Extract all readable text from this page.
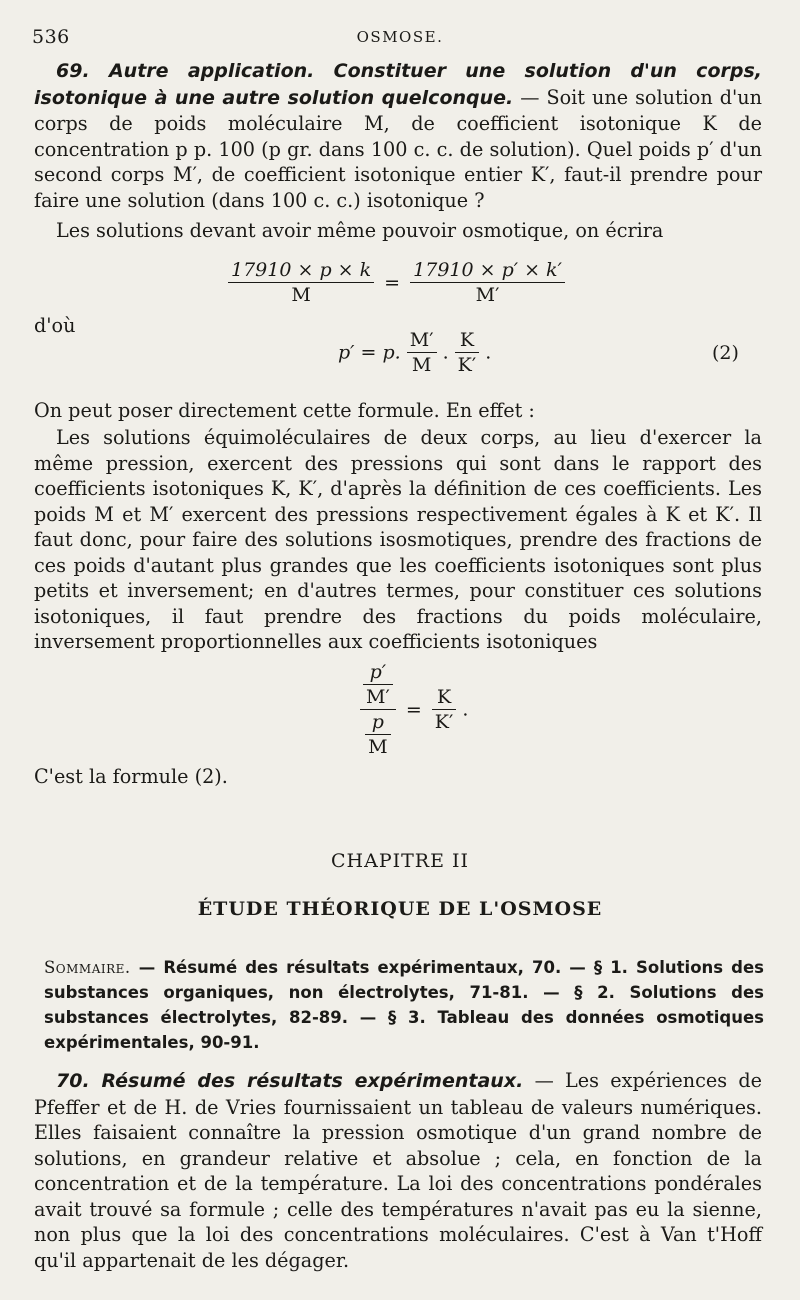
536	OSMOSE.

69. Autre application. Constituer une solution d'un corps, isotonique à une autre solution quelconque. — Soit une solution d'un corps de poids moléculaire M, de coefficient isotonique K de concentration p p. 100 (p gr. dans 100 c. c. de solution). Quel poids p′ d'un second corps M′, de coefficient isotonique entier K′, faut-il prendre pour faire une solution (dans 100 c. c.) isotonique ?

Les solutions devant avoir même pouvoir osmotique, on écrira

$\frac{17910 \times p \times k}{M} = \frac{17910 \times p' \times k'}{M'}$

d'où

p′ = p. $\frac{M'}{M}$ . $\frac{K}{K'}$ .	(2)

On peut poser directement cette formule. En effet :

Les solutions équimoléculaires de deux corps, au lieu d'exercer la même pression, exercent des pressions qui sont dans le rapport des coefficients isotoniques K, K′, d'après la définition de ces coefficients. Les poids M et M′ exercent des pressions respectivement égales à K et K′. Il faut donc, pour faire des solutions isosmotiques, prendre des fractions de ces poids d'autant plus grandes que les coefficients isotoniques sont plus petits et inversement; en d'autres termes, pour constituer ces solutions isotoniques, il faut prendre des fractions du poids moléculaire, inversement proportionnelles aux coefficients isotoniques

$\frac{\frac{p'}{M'}}{\frac{p}{M}} = \frac{K}{K'}$ .

C'est la formule (2).

CHAPITRE II
ÉTUDE THÉORIQUE DE L'OSMOSE
Sommaire. — Résumé des résultats expérimentaux, 70. — § 1. Solutions des substances organiques, non électrolytes, 71-81. — § 2. Solutions des substances électrolytes, 82-89. — § 3. Tableau des données osmotiques expérimentales, 90-91.

70. Résumé des résultats expérimentaux. — Les expériences de Pfeffer et de H. de Vries fournissaient un tableau de valeurs numériques. Elles faisaient connaître la pression osmotique d'un grand nombre de solutions, en grandeur relative et absolue ; cela, en fonction de la concentration et de la température. La loi des concentrations pondérales avait trouvé sa formule ; celle des températures n'avait pas eu la sienne, non plus que la loi des concentrations moléculaires. C'est à Van t'Hoff qu'il appartenait de les dégager.
